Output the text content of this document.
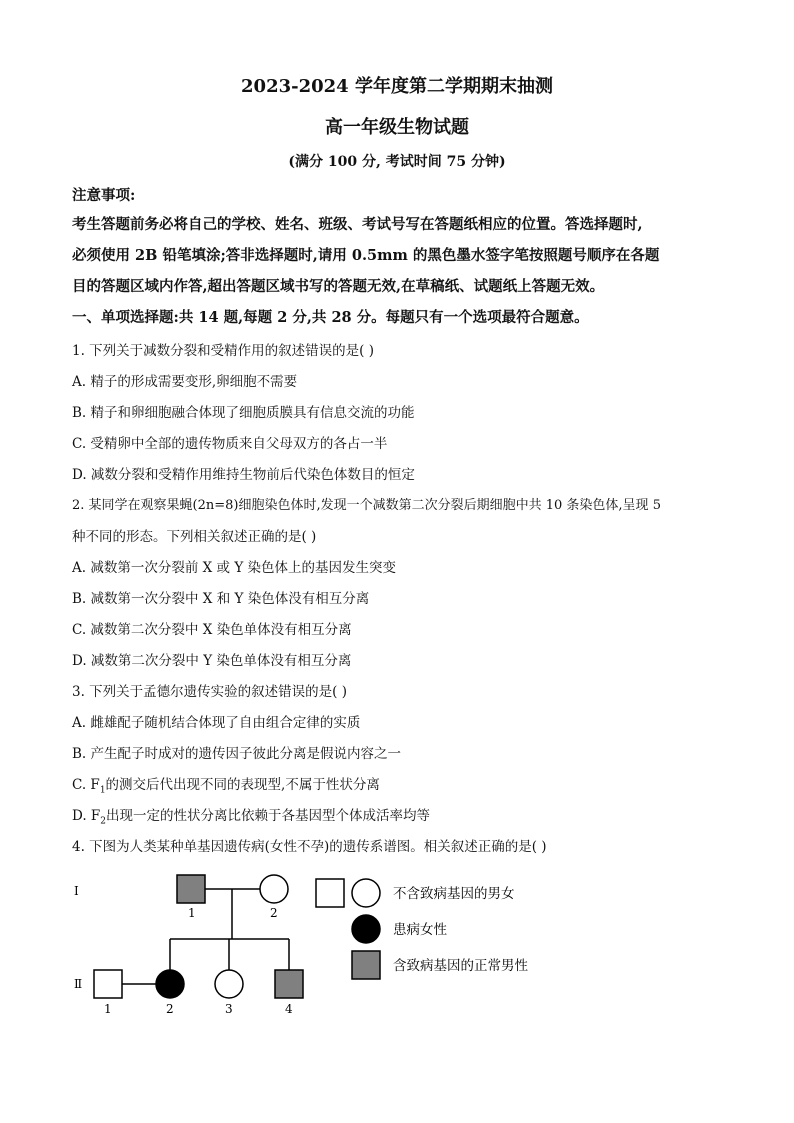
2023-2024 学年度第二学期期末抽测
高一年级生物试题
(满分 100 分, 考试时间 75 分钟)
注意事项:
考生答题前务必将自己的学校、姓名、班级、考试号写在答题纸相应的位置。答选择题时,
必须使用 2B 铅笔填涂;答非选择题时,请用 0.5mm 的黑色墨水签字笔按照题号顺序在各题
目的答题区域内作答,超出答题区域书写的答题无效,在草稿纸、试题纸上答题无效。
一、单项选择题:共 14 题,每题 2 分,共 28 分。每题只有一个选项最符合题意。
1. 下列关于减数分裂和受精作用的叙述错误的是( )
A. 精子的形成需要变形,卵细胞不需要
B. 精子和卵细胞融合体现了细胞质膜具有信息交流的功能
C. 受精卵中全部的遗传物质来自父母双方的各占一半
D. 减数分裂和受精作用维持生物前后代染色体数目的恒定
2. 某同学在观察果蝇(2n=8)细胞染色体时,发现一个减数第二次分裂后期细胞中共 10 条染色体,呈现 5
种不同的形态。下列相关叙述正确的是( )
A. 减数第一次分裂前 X 或 Y 染色体上的基因发生突变
B. 减数第一次分裂中 X 和 Y 染色体没有相互分离
C. 减数第二次分裂中 X 染色单体没有相互分离
D. 减数第二次分裂中 Y 染色单体没有相互分离
3. 下列关于孟德尔遗传实验的叙述错误的是( )
A. 雌雄配子随机结合体现了自由组合定律的实质
B. 产生配子时成对的遗传因子彼此分离是假说内容之一
C. $F_1$的测交后代出现不同的表现型,不属于性状分离
D. $F_2$出现一定的性状分离比依赖于各基因型个体成活率均等
4. 下图为人类某种单基因遗传病(女性不孕)的遗传系谱图。相关叙述正确的是( )
Ⅰ
Ⅱ
1	2
1	2	3	4
不含致病基因的男女
患病女性
含致病基因的正常男性
